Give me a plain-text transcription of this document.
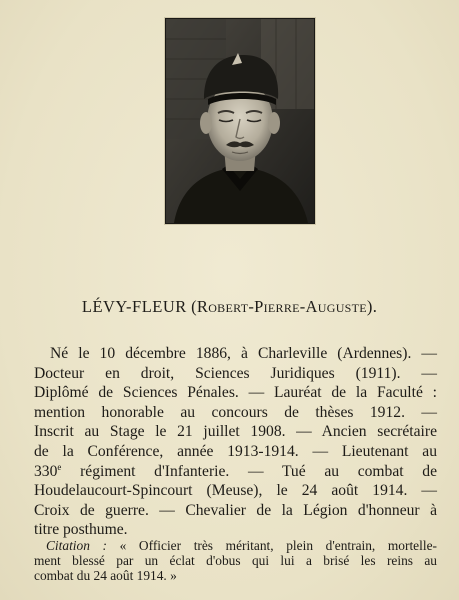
LÉVY-FLEUR (Robert-Pierre-Auguste).
Né le 10 décembre 1886, à Charleville (Ardennes). —
Docteur en droit, Sciences Juridiques (1911). —
Diplômé de Sciences Pénales. — Lauréat de la Faculté :
mention honorable au concours de thèses 1912. —
Inscrit au Stage le 21 juillet 1908. — Ancien secrétaire
de la Conférence, année 1913-1914. — Lieutenant au
330e régiment d'Infanterie. — Tué au combat de
Houdelaucourt-Spincourt (Meuse), le 24 août 1914. —
Croix de guerre. — Chevalier de la Légion d'honneur à
titre posthume.
Citation : « Officier très méritant, plein d'entrain, mortelle-
ment blessé par un éclat d'obus qui lui a brisé les reins au
combat du 24 août 1914. »
